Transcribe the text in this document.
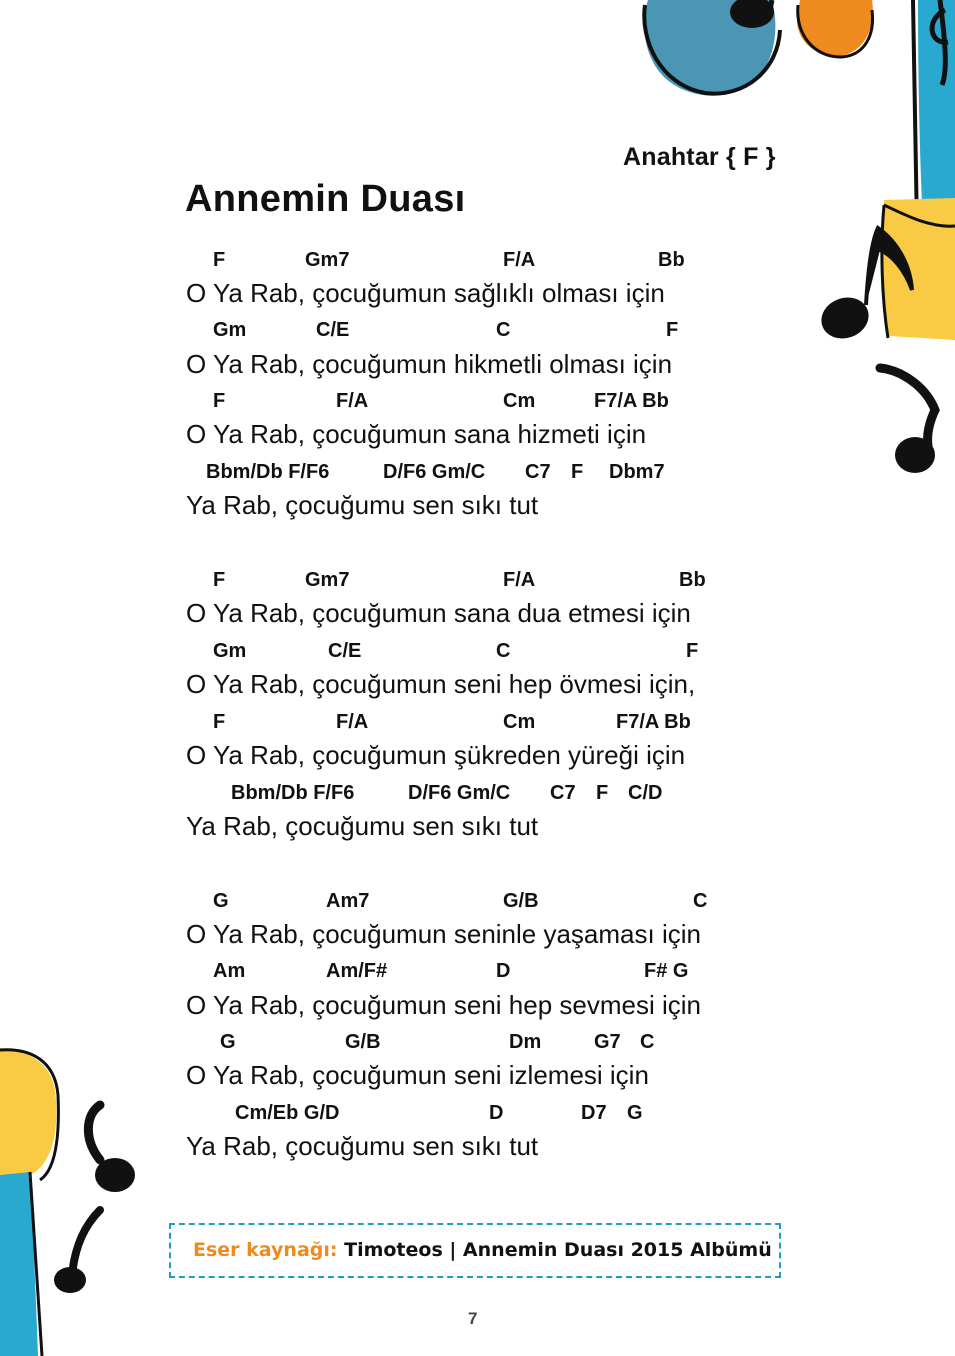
Anahtar { F }
Annemin Duası
F	Gm7	F/A	Bb
O Ya Rab, çocuğumun sağlıklı olması için
Gm	C/E	C	F
O Ya Rab, çocuğumun hikmetli olması için
F	F/A	Cm	F7/A Bb
O Ya Rab, çocuğumun sana hizmeti için
Bbm/Db F/F6	D/F6 Gm/C C7 F Dbm7
Ya Rab, çocuğumu sen sıkı tut
F	Gm7	F/A	Bb
O Ya Rab, çocuğumun sana dua etmesi için
Gm	C/E	C	F
O Ya Rab, çocuğumun seni hep övmesi için,
F	F/A	Cm	F7/A Bb
O Ya Rab, çocuğumun şükreden yüreği için
Bbm/Db F/F6	D/F6 Gm/C C7 F C/D
Ya Rab, çocuğumu sen sıkı tut
G	Am7	G/B	C
O Ya Rab, çocuğumun seninle yaşaması için
Am	Am/F#	D	F# G
O Ya Rab, çocuğumun seni hep sevmesi için
G	G/B	Dm	G7 C
O Ya Rab, çocuğumun seni izlemesi için
Cm/Eb G/D	D	D7 G
Ya Rab, çocuğumu sen sıkı tut
Eser kaynağı: Timoteos | Annemin Duası 2015 Albümü
7
